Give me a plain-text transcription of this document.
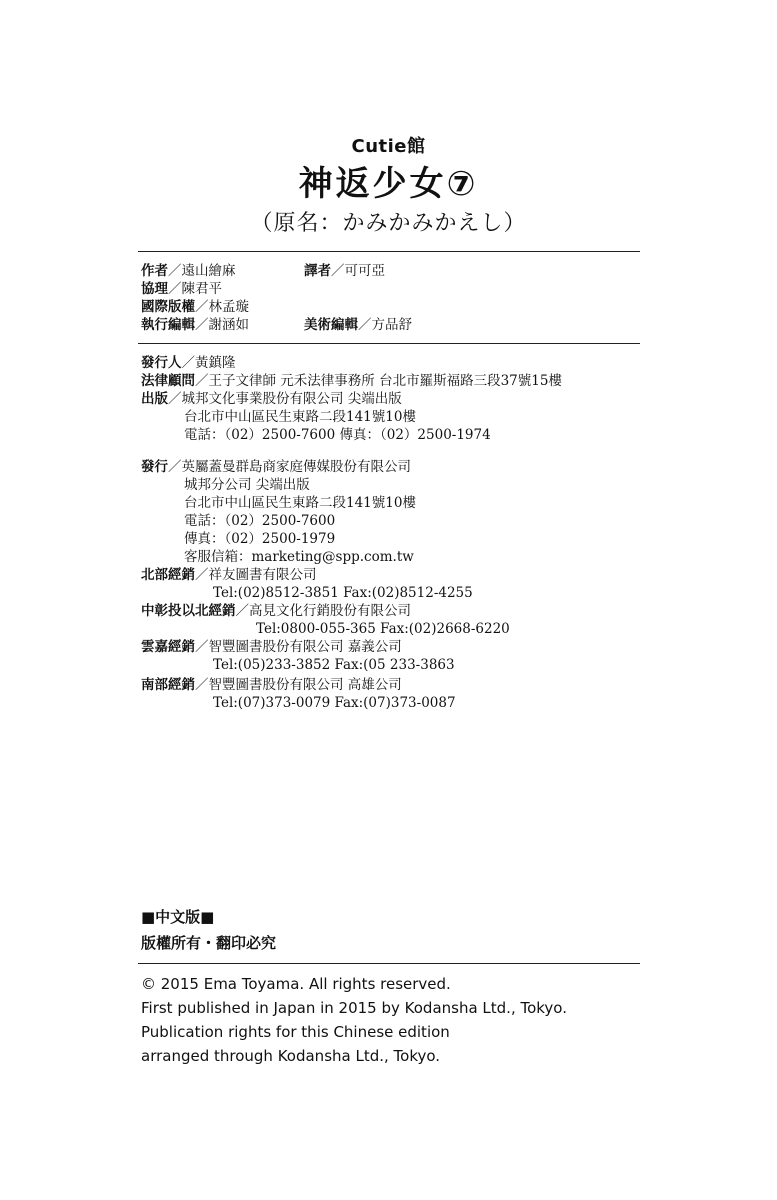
Cutie館
神返少女⑦
（原名：かみかみかえし）
作者／遠山繪麻	譯者／可可亞
協理／陳君平
國際版權／林孟璇
執行編輯／謝涵如	美術編輯／方品舒
發行人／黃鎮隆
法律顧問／王子文律師 元禾法律事務所 台北市羅斯福路三段37號15樓
出版／城邦文化事業股份有限公司 尖端出版
台北市中山區民生東路二段141號10樓
電話：（02）2500-7600 傳真：（02）2500-1974
發行／英屬蓋曼群島商家庭傳媒股份有限公司
城邦分公司 尖端出版
台北市中山區民生東路二段141號10樓
電話：（02）2500-7600
傳真：（02）2500-1979
客服信箱：marketing@spp.com.tw
北部經銷／祥友圖書有限公司
Tel:(02)8512-3851 Fax:(02)8512-4255
中彰投以北經銷／高見文化行銷股份有限公司
Tel:0800-055-365 Fax:(02)2668-6220
雲嘉經銷／智豐圖書股份有限公司 嘉義公司
Tel:(05)233-3852 Fax:(05 233-3863
南部經銷／智豐圖書股份有限公司 高雄公司
Tel:(07)373-0079 Fax:(07)373-0087
■中文版■
版權所有・翻印必究
© 2015 Ema Toyama. All rights reserved.
First published in Japan in 2015 by Kodansha Ltd., Tokyo.
Publication rights for this Chinese edition
arranged through Kodansha Ltd., Tokyo.
